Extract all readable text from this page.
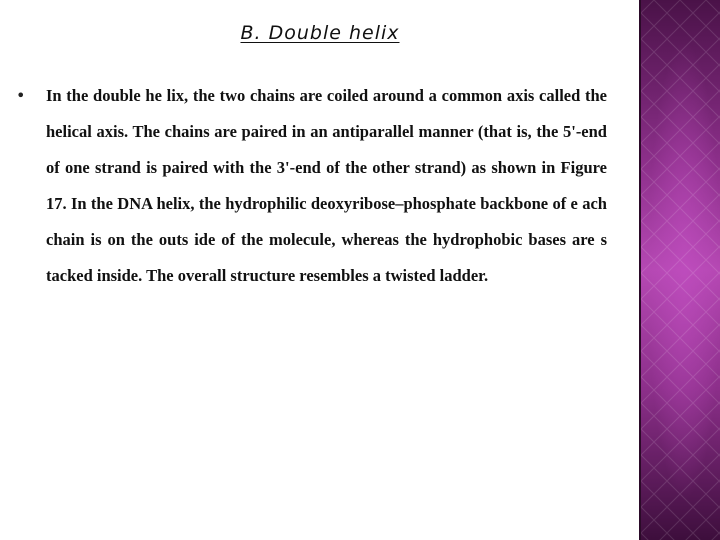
B. Double helix
• In the double he lix, the two chains are coiled around a common axis called the helical axis. The chains are paired in an antiparallel manner (that is, the 5'-end of one strand is paired with the 3'-end of the other strand) as shown in Figure 17. In the DNA helix, the hydrophilic deoxyribose–phosphate backbone of e ach chain is on the outs ide of the molecule, whereas the hydrophobic bases are s tacked inside. The overall structure resembles a twisted ladder.
